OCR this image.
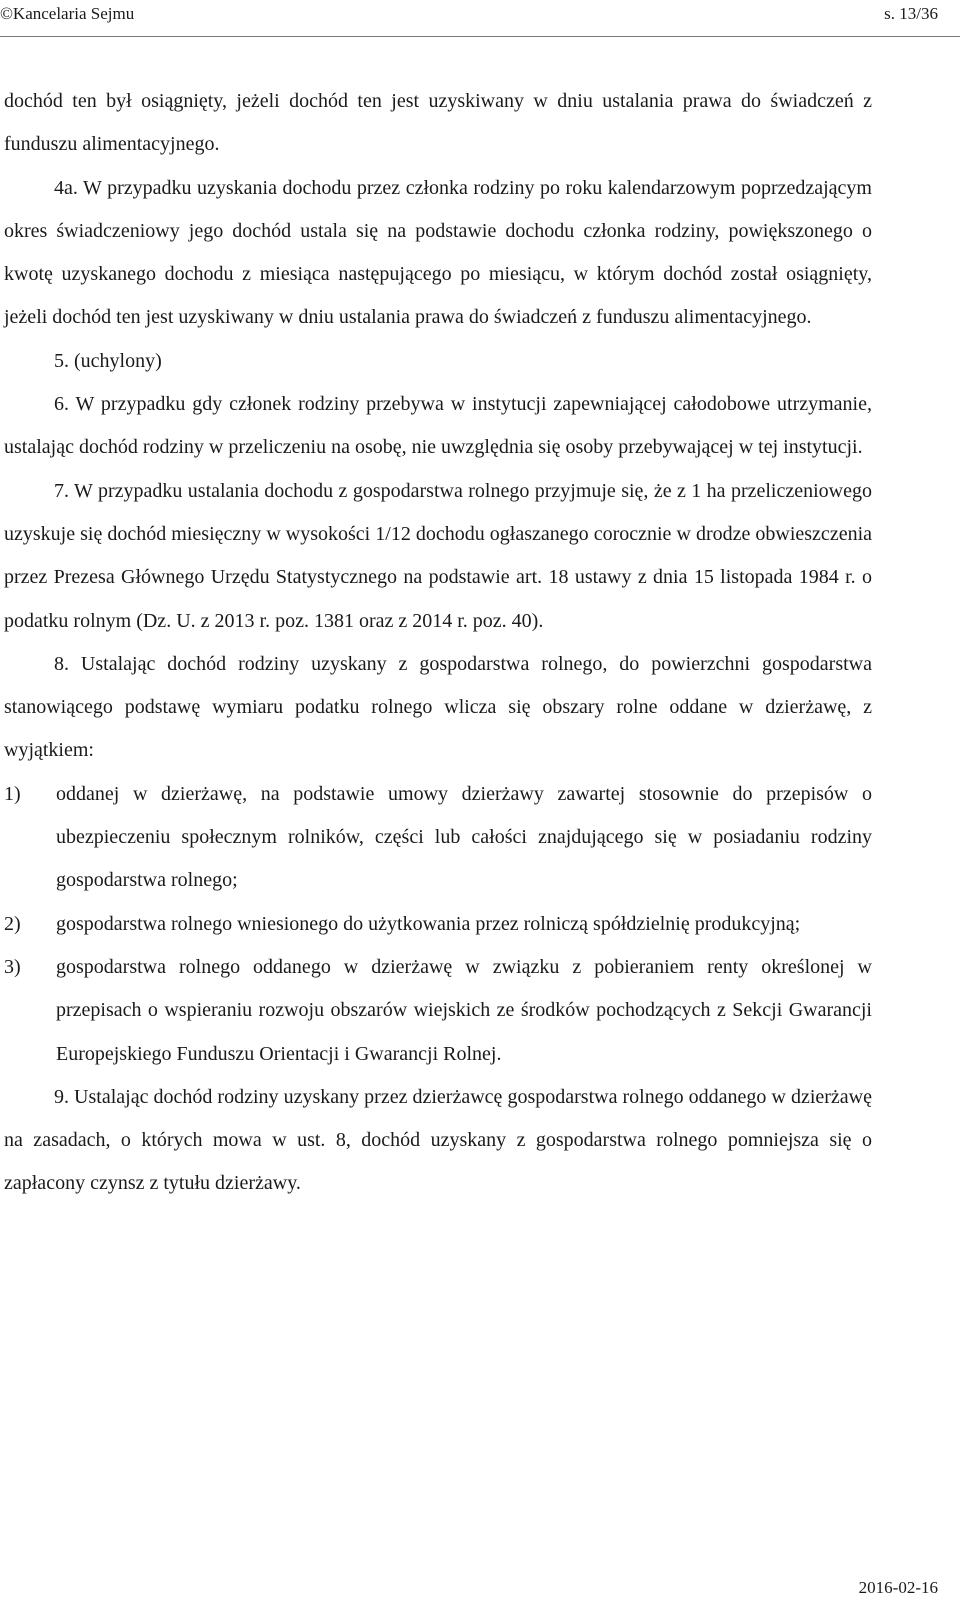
©Kancelaria Sejmu	s. 13/36

dochód ten był osiągnięty, jeżeli dochód ten jest uzyskiwany w dniu ustalania prawa do świadczeń z funduszu alimentacyjnego.

4a. W przypadku uzyskania dochodu przez członka rodziny po roku kalendarzowym poprzedzającym okres świadczeniowy jego dochód ustala się na podstawie dochodu członka rodziny, powiększonego o kwotę uzyskanego dochodu z miesiąca następującego po miesiącu, w którym dochód został osiągnięty, jeżeli dochód ten jest uzyskiwany w dniu ustalania prawa do świadczeń z funduszu alimentacyjnego.

5. (uchylony)

6. W przypadku gdy członek rodziny przebywa w instytucji zapewniającej całodobowe utrzymanie, ustalając dochód rodziny w przeliczeniu na osobę, nie uwzględnia się osoby przebywającej w tej instytucji.

7. W przypadku ustalania dochodu z gospodarstwa rolnego przyjmuje się, że z 1 ha przeliczeniowego uzyskuje się dochód miesięczny w wysokości 1/12 dochodu ogłaszanego corocznie w drodze obwieszczenia przez Prezesa Głównego Urzędu Statystycznego na podstawie art. 18 ustawy z dnia 15 listopada 1984 r. o podatku rolnym (Dz. U. z 2013 r. poz. 1381 oraz z 2014 r. poz. 40).

8. Ustalając dochód rodziny uzyskany z gospodarstwa rolnego, do powierzchni gospodarstwa stanowiącego podstawę wymiaru podatku rolnego wlicza się obszary rolne oddane w dzierżawę, z wyjątkiem:

1) oddanej w dzierżawę, na podstawie umowy dzierżawy zawartej stosownie do przepisów o ubezpieczeniu społecznym rolników, części lub całości znajdującego się w posiadaniu rodziny gospodarstwa rolnego;
2) gospodarstwa rolnego wniesionego do użytkowania przez rolniczą spółdzielnię produkcyjną;
3) gospodarstwa rolnego oddanego w dzierżawę w związku z pobieraniem renty określonej w przepisach o wspieraniu rozwoju obszarów wiejskich ze środków pochodzących z Sekcji Gwarancji Europejskiego Funduszu Orientacji i Gwarancji Rolnej.

9. Ustalając dochód rodziny uzyskany przez dzierżawcę gospodarstwa rolnego oddanego w dzierżawę na zasadach, o których mowa w ust. 8, dochód uzyskany z gospodarstwa rolnego pomniejsza się o zapłacony czynsz z tytułu dzierżawy.

2016-02-16
